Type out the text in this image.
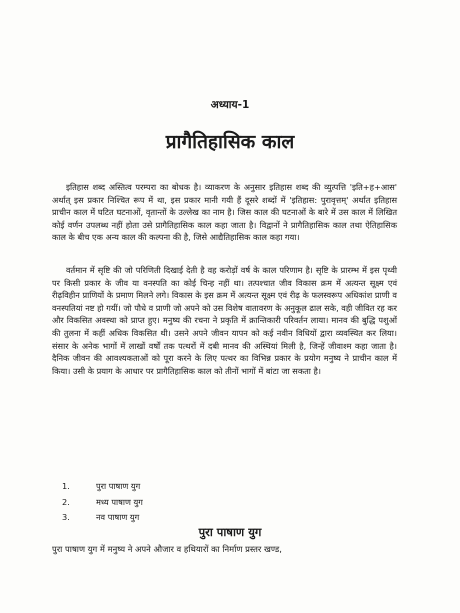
अध्याय-1
प्रागैतिहासिक काल

इतिहास शब्द अस्तित्व परम्परा का बोधक है। व्याकरण के अनुसार इतिहास शब्द की व्युत्पत्ति 'इति+ह+आस' अर्थात् इस प्रकार निश्चित रूप में था, इस प्रकार मानी गयी हैं दूसरे शब्दों में 'इतिहास: पुरावृत्तम्' अर्थात इतिहास प्राचीन काल में घटित घटनाओं, वृतान्तों के उल्लेख का नाम है। जिस काल की घटनाओं के बारे में उस काल में लिखित कोई वर्णन उपलब्ध नहीं होता उसे प्रागैतिहासिक काल कहा जाता है। विद्वानों ने प्रागैतिहासिक काल तथा ऐतिहासिक काल के बीच एक अन्य काल की कल्पना की है, जिसे आद्यैतिहासिक काल कहा गया।

वर्तमान में सृष्टि की जो परिणिती दिखाई देती है वह करोड़ों वर्ष के काल परिणाम है। सृष्टि के प्रारम्भ में इस पृथ्वी पर किसी प्रकार के जीव या वनस्पति का कोई चिन्ह नहीं था। तत्पश्चात जीव विकास क्रम में अत्यन्त सूक्ष्म एवं रीढ़विहीन प्राणियों के प्रमाण मिलने लगे। विकास के इस क्रम में अत्यन्त सूक्ष्म एवं रीढ़ के फलस्वरूप अधिकांश प्राणी व वनस्पतियां नष्ट हो गयीं। जो पौधे व प्राणी जो अपने को उस विशेष वातावरण के अनुकूल ढाल सके, वही जीवित रह कर और विकसित अवस्था को प्राप्त हुए। मनुष्य की रचना ने प्रकृति में क्रान्तिकारी परिवर्तन लाया। मानव की बुद्धि पशुओं की तुलना में कहीं अधिक विकसित थी। उसने अपने जीवन यापन को कई नवीन विधियों द्वारा व्यवस्थित कर लिया। संसार के अनेक भागों में लाखों वर्षों तक पत्थरों में दबी मानव की अस्थियां मिली है, जिन्हें जीवाश्म कहा जाता है। दैनिक जीवन की आवश्यकताओं को पूरा करने के लिए पत्थर का विभिन्न प्रकार के प्रयोग मनुष्य ने प्राचीन काल में किया। उसी के प्रयाग के आधार पर प्रागैतिहासिक काल को तीनों भागों में बांटा जा सकता है।

1.	पुरा पाषाण युग
2.	मध्य पाषाण युग
3.	नव पाषाण युग
पुरा पाषाण युग

पुरा पाषाण युग में मनुष्य ने अपने औजार व हथियारों का निर्माण प्रस्तर खण्ड,
